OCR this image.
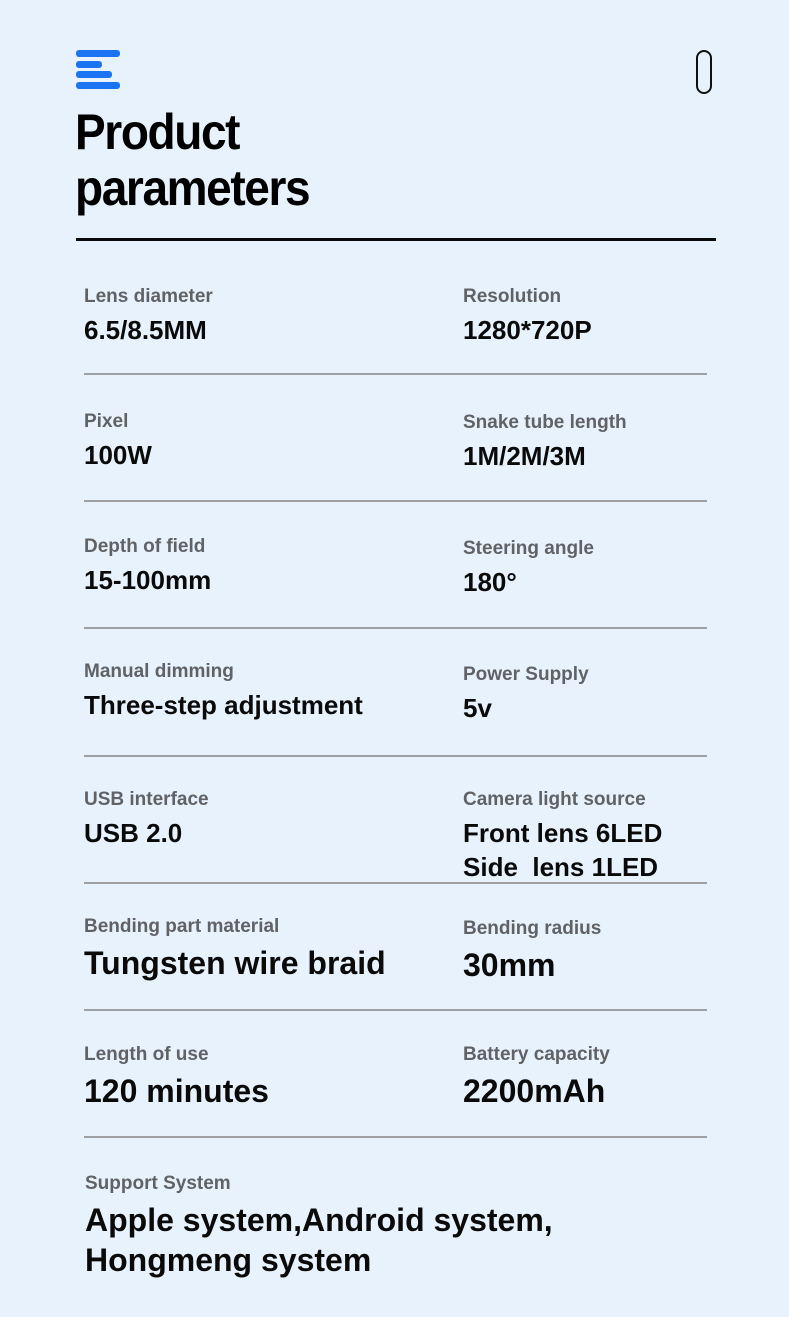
Product
parameters
Lens diameter
6.5/8.5MM
Resolution
1280*720P
Pixel
100W
Snake tube length
1M/2M/3M
Depth of field
15-100mm
Steering angle
180°
Manual dimming
Three-step adjustment
Power Supply
5v
USB interface
USB 2.0
Camera light source
Front lens 6LED
Side  lens 1LED
Bending part material
Tungsten wire braid
Bending radius
30mm
Length of use
120 minutes
Battery capacity
2200mAh
Support System
Apple system,Android system,
Hongmeng system
